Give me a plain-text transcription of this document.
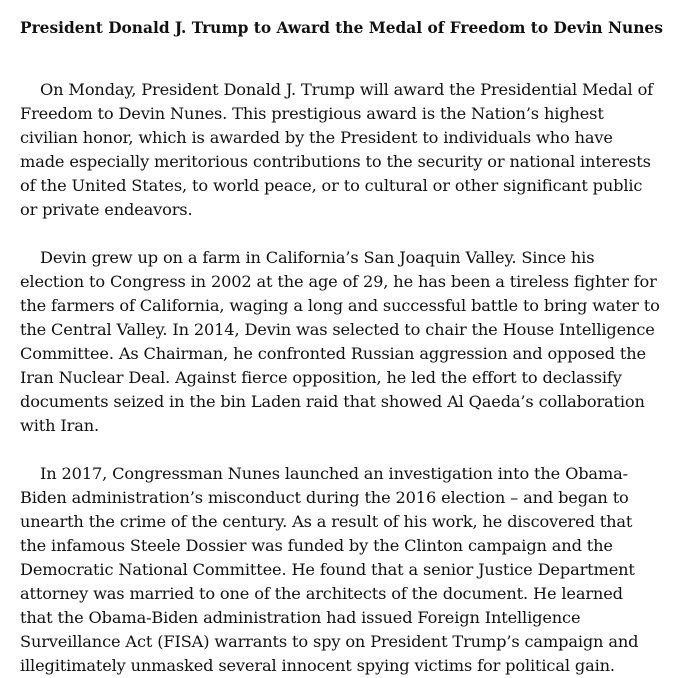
President Donald J. Trump to Award the Medal of Freedom to Devin Nunes

On Monday, President Donald J. Trump will award the Presidential Medal of Freedom to Devin Nunes. This prestigious award is the Nation’s highest civilian honor, which is awarded by the President to individuals who have made especially meritorious contributions to the security or national interests of the United States, to world peace, or to cultural or other significant public or private endeavors.

Devin grew up on a farm in California’s San Joaquin Valley. Since his election to Congress in 2002 at the age of 29, he has been a tireless fighter for the farmers of California, waging a long and successful battle to bring water to the Central Valley. In 2014, Devin was selected to chair the House Intelligence Committee. As Chairman, he confronted Russian aggression and opposed the Iran Nuclear Deal. Against fierce opposition, he led the effort to declassify documents seized in the bin Laden raid that showed Al Qaeda’s collaboration with Iran.

In 2017, Congressman Nunes launched an investigation into the Obama-Biden administration’s misconduct during the 2016 election – and began to unearth the crime of the century. As a result of his work, he discovered that the infamous Steele Dossier was funded by the Clinton campaign and the Democratic National Committee. He found that a senior Justice Department attorney was married to one of the architects of the document. He learned that the Obama-Biden administration had issued Foreign Intelligence Surveillance Act (FISA) warrants to spy on President Trump’s campaign and illegitimately unmasked several innocent spying victims for political gain.
